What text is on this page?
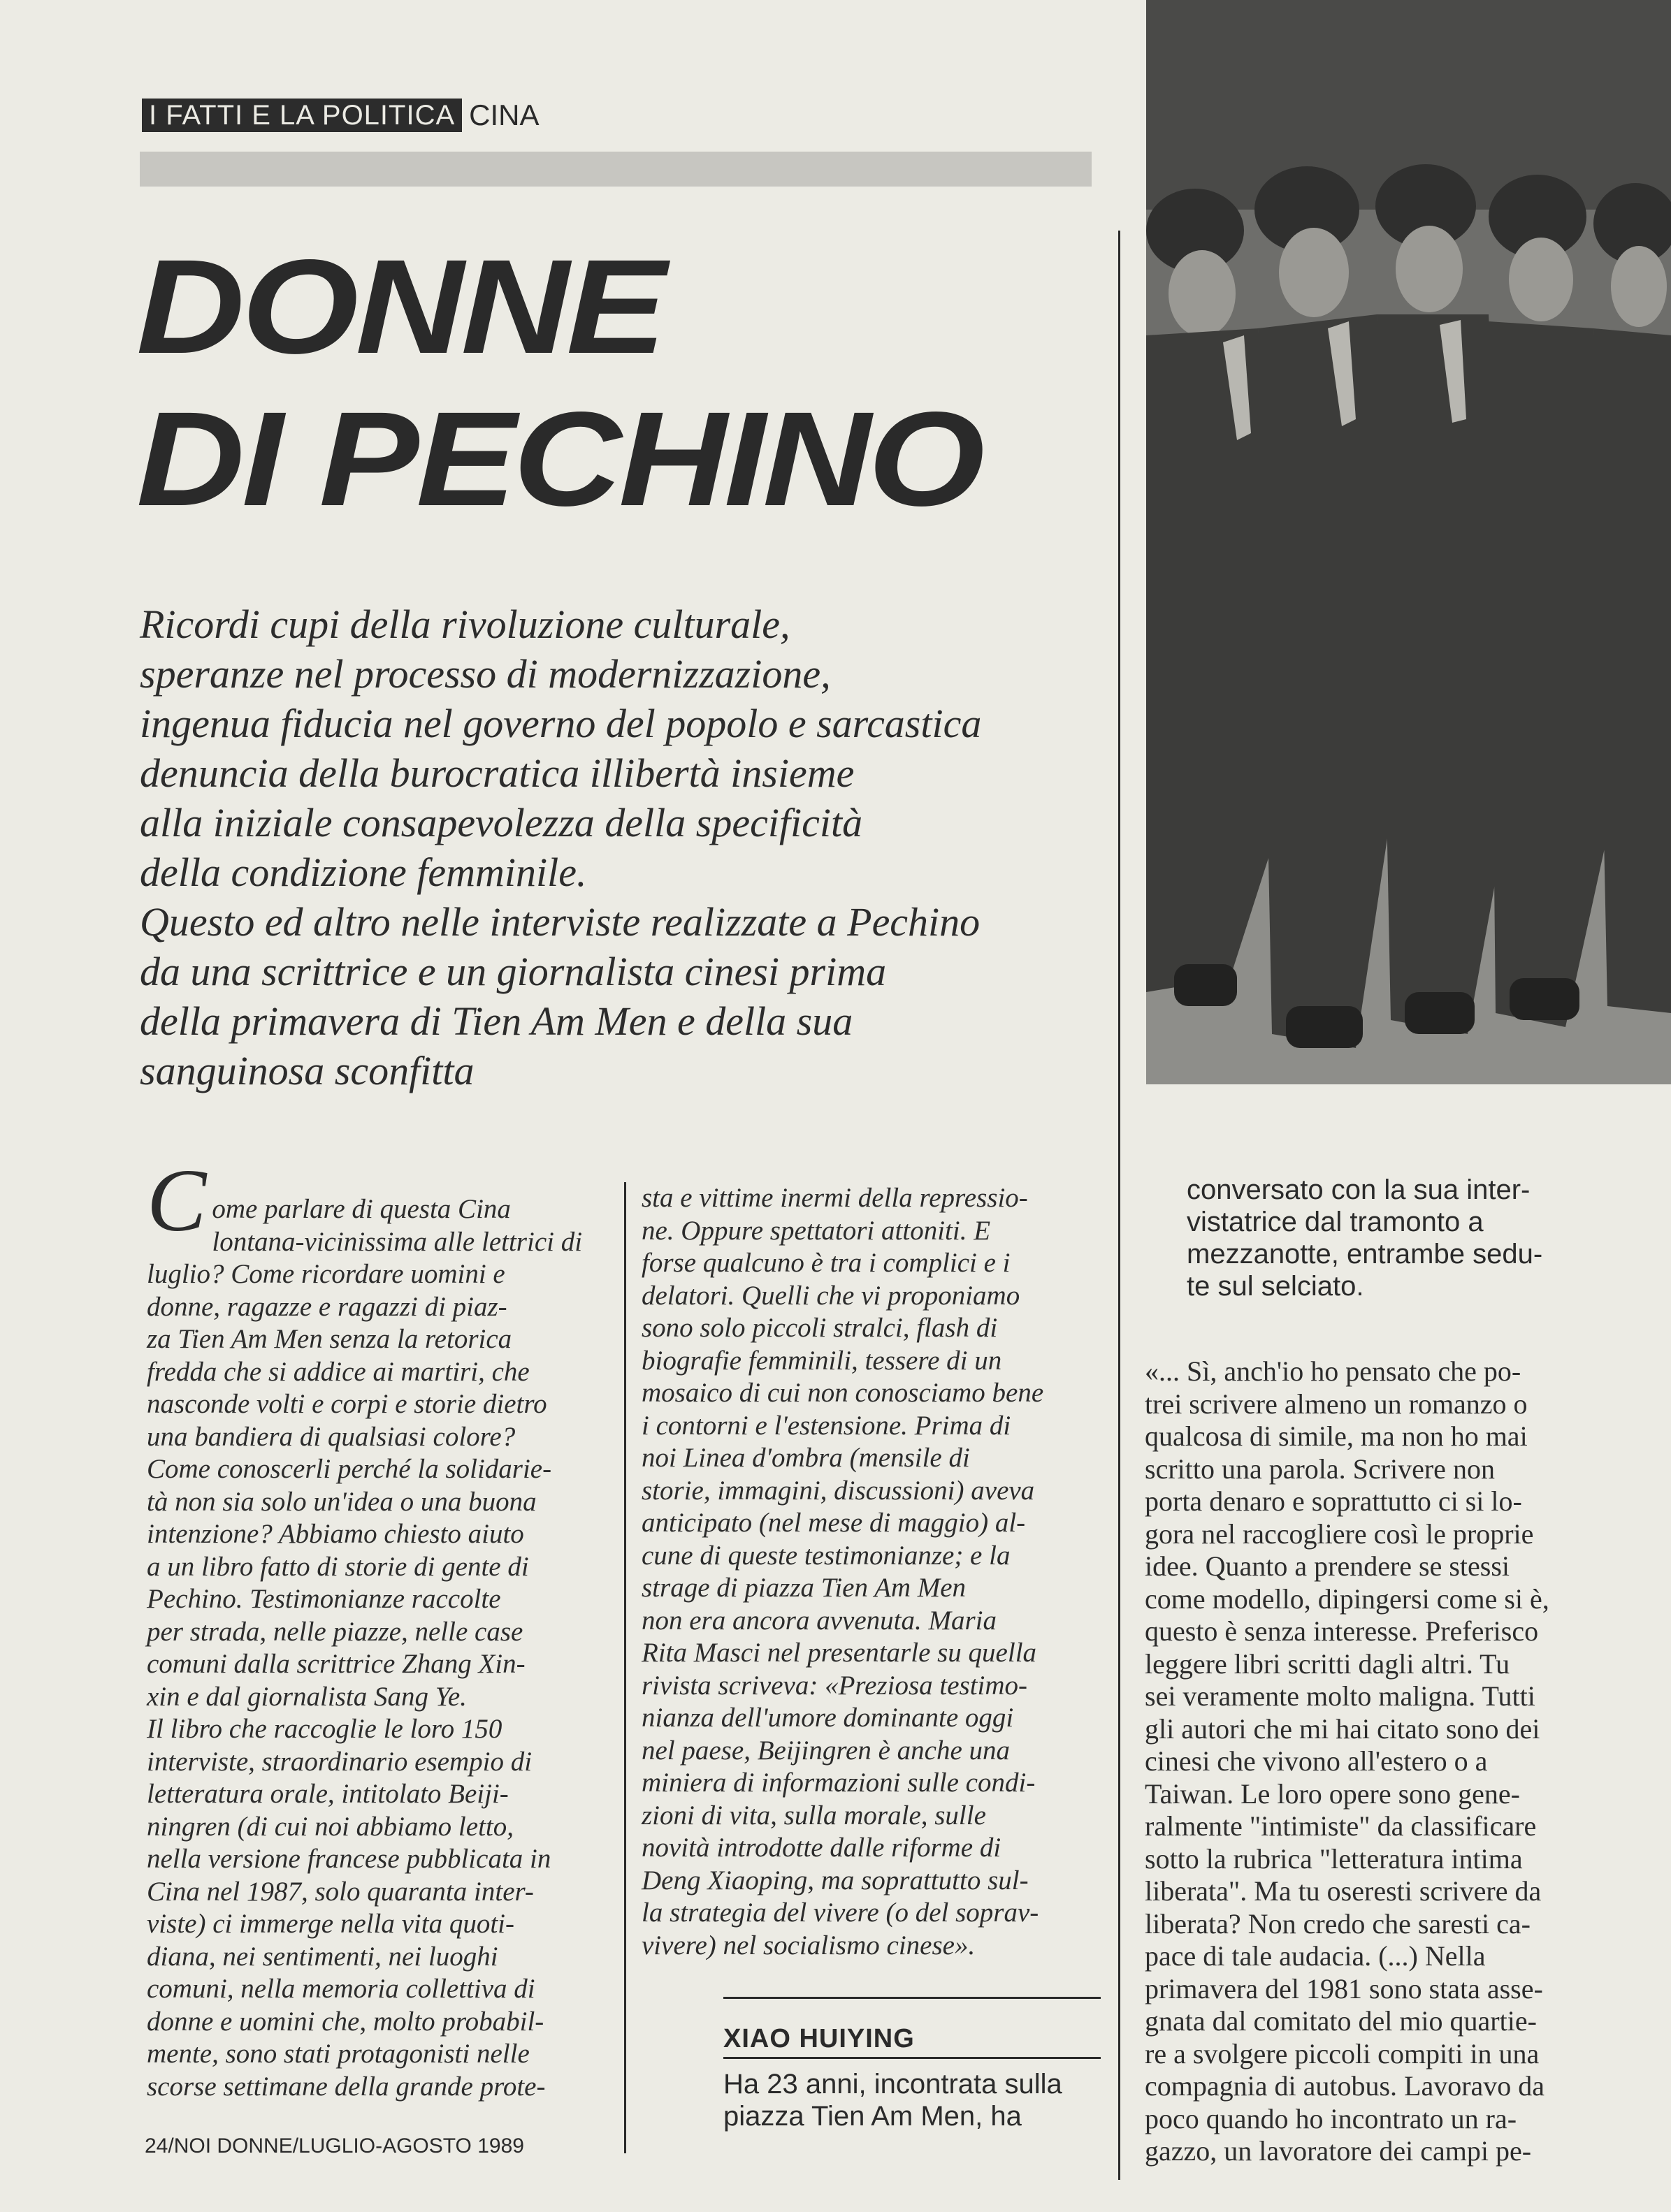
I FATTI E LA POLITICA CINA
DONNE
DI PECHINO
Ricordi cupi della rivoluzione culturale,
speranze nel processo di modernizzazione,
ingenua fiducia nel governo del popolo e sarcastica
denuncia della burocratica illibertà insieme
alla iniziale consapevolezza della specificità
della condizione femminile.
Questo ed altro nelle interviste realizzate a Pechino
da una scrittrice e un giornalista cinesi prima
della primavera di Tien Am Men e della sua
sanguinosa sconfitta
C ome parlare di questa Cina
lontana-vicinissima alle lettrici di
luglio? Come ricordare uomini e
donne, ragazze e ragazzi di piaz-
za Tien Am Men senza la retorica
fredda che si addice ai martiri, che
nasconde volti e corpi e storie dietro
una bandiera di qualsiasi colore?
Come conoscerli perché la solidarie-
tà non sia solo un'idea o una buona
intenzione? Abbiamo chiesto aiuto
a un libro fatto di storie di gente di
Pechino. Testimonianze raccolte
per strada, nelle piazze, nelle case
comuni dalla scrittrice Zhang Xin-
xin e dal giornalista Sang Ye.
Il libro che raccoglie le loro 150
interviste, straordinario esempio di
letteratura orale, intitolato Beiji-
ningren (di cui noi abbiamo letto,
nella versione francese pubblicata in
Cina nel 1987, solo quaranta inter-
viste) ci immerge nella vita quoti-
diana, nei sentimenti, nei luoghi
comuni, nella memoria collettiva di
donne e uomini che, molto probabil-
mente, sono stati protagonisti nelle
scorse settimane della grande prote-
sta e vittime inermi della repressio-
ne. Oppure spettatori attoniti. E
forse qualcuno è tra i complici e i
delatori. Quelli che vi proponiamo
sono solo piccoli stralci, flash di
biografie femminili, tessere di un
mosaico di cui non conosciamo bene
i contorni e l'estensione. Prima di
noi Linea d'ombra (mensile di
storie, immagini, discussioni) aveva
anticipato (nel mese di maggio) al-
cune di queste testimonianze; e la
strage di piazza Tien Am Men
non era ancora avvenuta. Maria
Rita Masci nel presentarle su quella
rivista scriveva: «Preziosa testimo-
nianza dell'umore dominante oggi
nel paese, Beijingren è anche una
miniera di informazioni sulle condi-
zioni di vita, sulla morale, sulle
novità introdotte dalle riforme di
Deng Xiaoping, ma soprattutto sul-
la strategia del vivere (o del soprav-
vivere) nel socialismo cinese».
XIAO HUIYING
Ha 23 anni, incontrata sulla
piazza Tien Am Men, ha
conversato con la sua inter-
vistatrice dal tramonto a
mezzanotte, entrambe sedu-
te sul selciato.
«... Sì, anch'io ho pensato che po-
trei scrivere almeno un romanzo o
qualcosa di simile, ma non ho mai
scritto una parola. Scrivere non
porta denaro e soprattutto ci si lo-
gora nel raccogliere così le proprie
idee. Quanto a prendere se stessi
come modello, dipingersi come si è,
questo è senza interesse. Preferisco
leggere libri scritti dagli altri. Tu
sei veramente molto maligna. Tutti
gli autori che mi hai citato sono dei
cinesi che vivono all'estero o a
Taiwan. Le loro opere sono gene-
ralmente "intimiste" da classificare
sotto la rubrica "letteratura intima
liberata". Ma tu oseresti scrivere da
liberata? Non credo che saresti ca-
pace di tale audacia. (...) Nella
primavera del 1981 sono stata asse-
gnata dal comitato del mio quartie-
re a svolgere piccoli compiti in una
compagnia di autobus. Lavoravo da
poco quando ho incontrato un ra-
gazzo, un lavoratore dei campi pe-
24/NOI DONNE/LUGLIO-AGOSTO 1989
